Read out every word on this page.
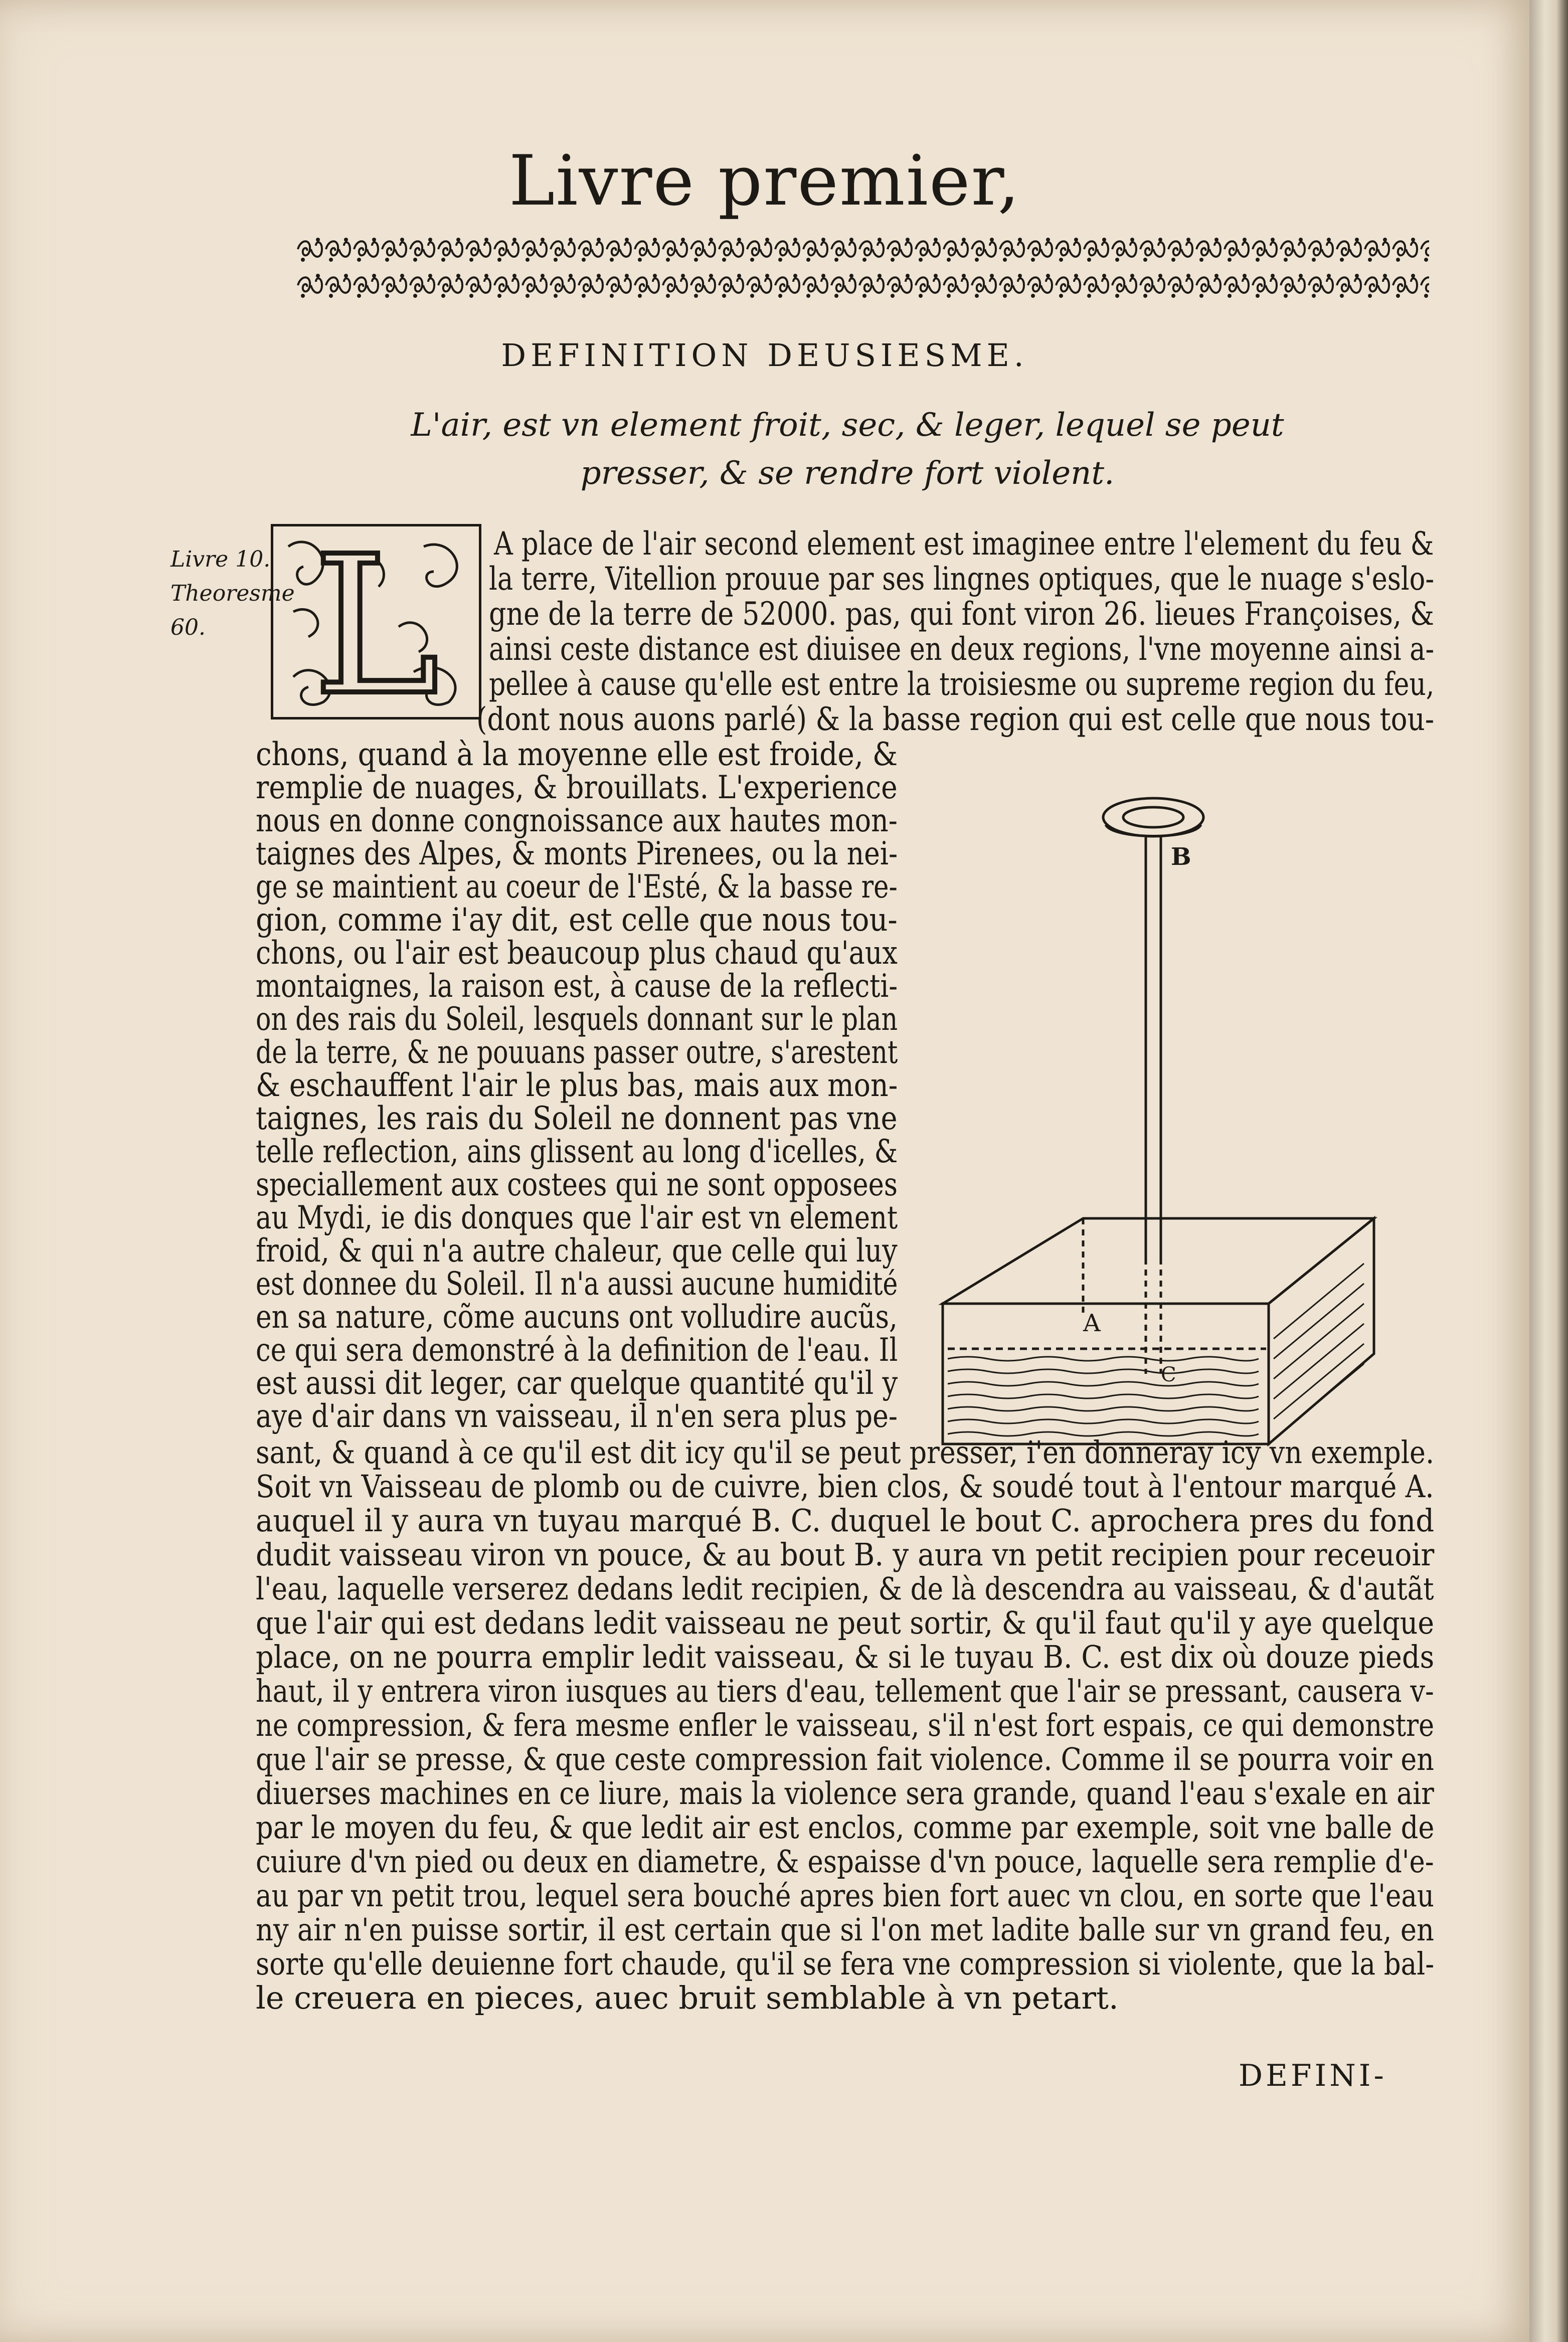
Livre premier,
DEFINITION DEUSIESME.
L'air, est vn element froit, sec, & leger, lequel se peut presser, & se rendre fort violent.
Livre 10. Theoresme 60. L A place de l'air second element est imaginee entre l'element du feu &
la terre, Vitellion prouue par ses lingnes optiques, que le nuage s'eslo-
gne de la terre de 52000. pas, qui font viron 26. lieues Françoises, &
ainsi ceste distance est diuisee en deux regions, l'vne moyenne ainsi a-
pellee à cause qu'elle est entre la troisiesme ou supreme region du feu,
(dont nous auons parlé) & la basse region qui est celle que nous tou-
chons, quand à la moyenne elle est froide, &
remplie de nuages, & brouillats. L'experience
nous en donne congnoissance aux hautes mon-
taignes des Alpes, & monts Pirenees, ou la nei-
ge se maintient au coeur de l'Esté, & la basse re-
gion, comme i'ay dit, est celle que nous tou-
chons, ou l'air est beaucoup plus chaud qu'aux
montaignes, la raison est, à cause de la reflecti-
on des rais du Soleil, lesquels donnant sur le plan
de la terre, & ne pouuans passer outre, s'arestent
& eschauffent l'air le plus bas, mais aux mon-
taignes, les rais du Soleil ne donnent pas vne
telle reflection, ains glissent au long d'icelles, &
speciallement aux costees qui ne sont opposees
au Mydi, ie dis donques que l'air est vn element
froid, & qui n'a autre chaleur, que celle qui luy
est donnee du Soleil. Il n'a aussi aucune humidité
en sa nature, cõme aucuns ont volludire aucũs,
ce qui sera demonstré à la definition de l'eau. Il
est aussi dit leger, car quelque quantité qu'il y
aye d'air dans vn vaisseau, il n'en sera plus pe-
B
A
C
sant, & quand à ce qu'il est dit icy qu'il se peut presser, i'en donneray icy vn exemple.
Soit vn Vaisseau de plomb ou de cuivre, bien clos, & soudé tout à l'entour marqué A.
auquel il y aura vn tuyau marqué B. C. duquel le bout C. aprochera pres du fond
dudit vaisseau viron vn pouce, & au bout B. y aura vn petit recipien pour receuoir
l'eau, laquelle verserez dedans ledit recipien, & de là descendra au vaisseau, & d'autãt
que l'air qui est dedans ledit vaisseau ne peut sortir, & qu'il faut qu'il y aye quelque
place, on ne pourra emplir ledit vaisseau, & si le tuyau B. C. est dix où douze pieds
haut, il y entrera viron iusques au tiers d'eau, tellement que l'air se pressant, causera v-
ne compression, & fera mesme enfler le vaisseau, s'il n'est fort espais, ce qui demonstre
que l'air se presse, & que ceste compression fait violence. Comme il se pourra voir en
diuerses machines en ce liure, mais la violence sera grande, quand l'eau s'exale en air
par le moyen du feu, & que ledit air est enclos, comme par exemple, soit vne balle de
cuiure d'vn pied ou deux en diametre, & espaisse d'vn pouce, laquelle sera remplie d'e-
au par vn petit trou, lequel sera bouché apres bien fort auec vn clou, en sorte que l'eau
ny air n'en puisse sortir, il est certain que si l'on met ladite balle sur vn grand feu, en
sorte qu'elle deuienne fort chaude, qu'il se fera vne compression si violente, que la bal-
le creuera en pieces, auec bruit semblable à vn petart.
DEFINI-
